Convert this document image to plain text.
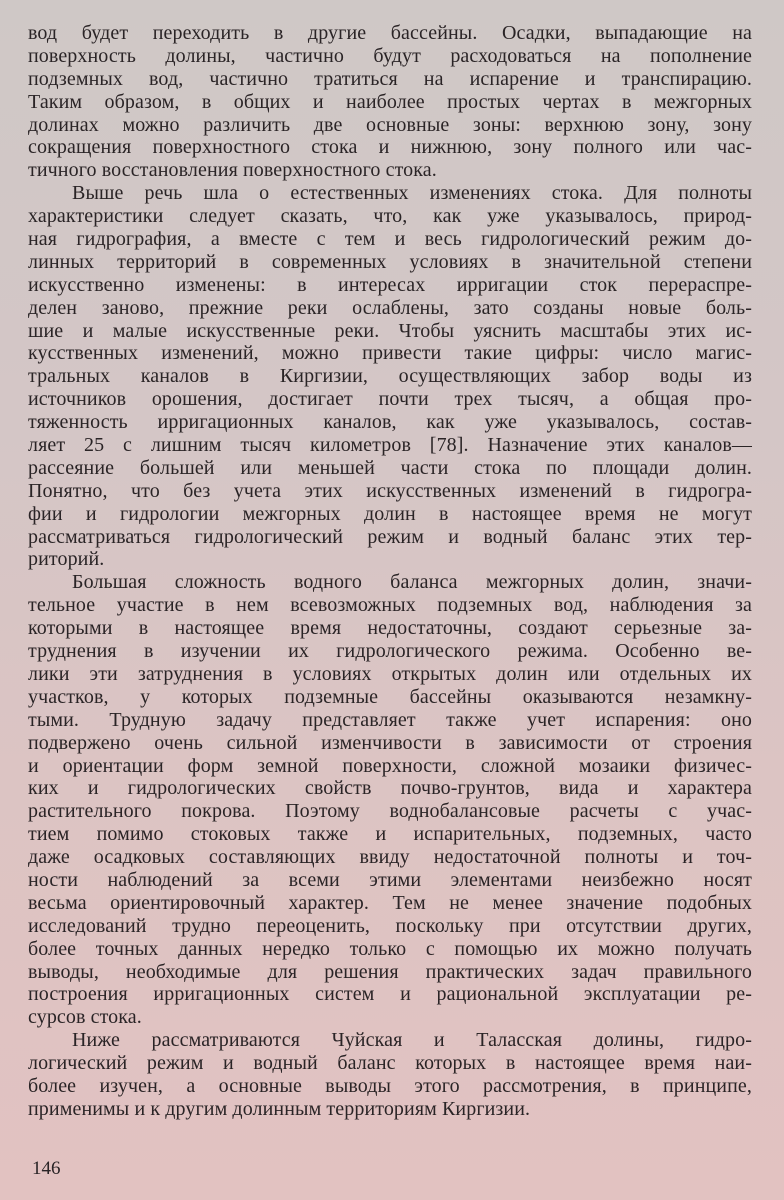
вод будет переходить в другие бассейны. Осадки, выпадающие на
поверхность долины, частично будут расходоваться на пополнение
подземных вод, частично тратиться на испарение и транспирацию.
Таким образом, в общих и наиболее простых чертах в межгорных
долинах можно различить две основные зоны: верхнюю зону, зону
сокращения поверхностного стока и нижнюю, зону полного или час-
тичного восстановления поверхностного стока.
Выше речь шла о естественных изменениях стока. Для полноты
характеристики следует сказать, что, как уже указывалось, природ-
ная гидрография, а вместе с тем и весь гидрологический режим до-
линных территорий в современных условиях в значительной степени
искусственно изменены: в интересах ирригации сток перераспре-
делен заново, прежние реки ослаблены, зато созданы новые боль-
шие и малые искусственные реки. Чтобы уяснить масштабы этих ис-
кусственных изменений, можно привести такие цифры: число магис-
тральных каналов в Киргизии, осуществляющих забор воды из
источников орошения, достигает почти трех тысяч, а общая про-
тяженность ирригационных каналов, как уже указывалось, состав-
ляет 25 с лишним тысяч километров [78]. Назначение этих каналов—
рассеяние большей или меньшей части стока по площади долин.
Понятно, что без учета этих искусственных изменений в гидрогра-
фии и гидрологии межгорных долин в настоящее время не могут
рассматриваться гидрологический режим и водный баланс этих тер-
риторий.
Большая сложность водного баланса межгорных долин, значи-
тельное участие в нем всевозможных подземных вод, наблюдения за
которыми в настоящее время недостаточны, создают серьезные за-
труднения в изучении их гидрологического режима. Особенно ве-
лики эти затруднения в условиях открытых долин или отдельных их
участков, у которых подземные бассейны оказываются незамкну-
тыми. Трудную задачу представляет также учет испарения: оно
подвержено очень сильной изменчивости в зависимости от строения
и ориентации форм земной поверхности, сложной мозаики физичес-
ких и гидрологических свойств почво-грунтов, вида и характера
растительного покрова. Поэтому воднобалансовые расчеты с учас-
тием помимо стоковых также и испарительных, подземных, часто
даже осадковых составляющих ввиду недостаточной полноты и точ-
ности наблюдений за всеми этими элементами неизбежно носят
весьма ориентировочный характер. Тем не менее значение подобных
исследований трудно переоценить, поскольку при отсутствии других,
более точных данных нередко только с помощью их можно получать
выводы, необходимые для решения практических задач правильного
построения ирригационных систем и рациональной эксплуатации ре-
сурсов стока.
Ниже рассматриваются Чуйская и Таласская долины, гидро-
логический режим и водный баланс которых в настоящее время наи-
более изучен, а основные выводы этого рассмотрения, в принципе,
применимы и к другим долинным территориям Киргизии.
146
